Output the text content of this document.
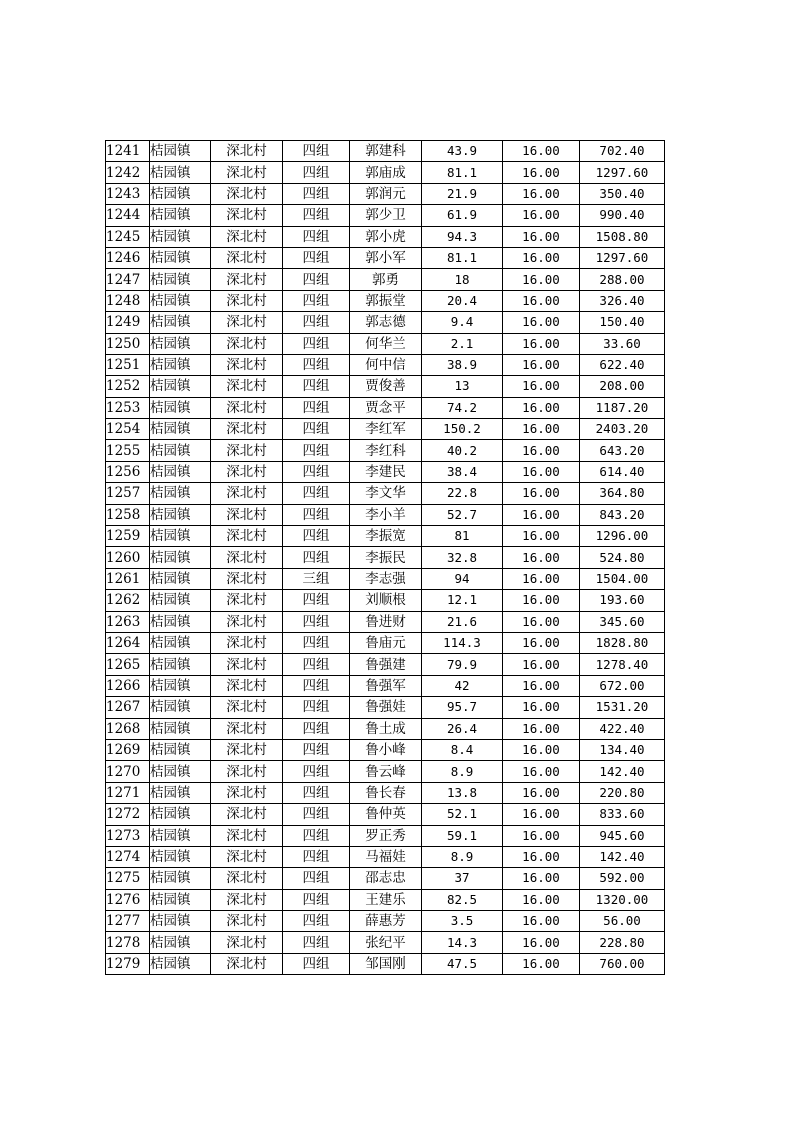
1241	桔园镇	深北村	四组	郭建科	43.9	16.00	702.40
1242	桔园镇	深北村	四组	郭庙成	81.1	16.00	1297.60
1243	桔园镇	深北村	四组	郭润元	21.9	16.00	350.40
1244	桔园镇	深北村	四组	郭少卫	61.9	16.00	990.40
1245	桔园镇	深北村	四组	郭小虎	94.3	16.00	1508.80
1246	桔园镇	深北村	四组	郭小军	81.1	16.00	1297.60
1247	桔园镇	深北村	四组	郭勇	18	16.00	288.00
1248	桔园镇	深北村	四组	郭振堂	20.4	16.00	326.40
1249	桔园镇	深北村	四组	郭志德	9.4	16.00	150.40
1250	桔园镇	深北村	四组	何华兰	2.1	16.00	33.60
1251	桔园镇	深北村	四组	何中信	38.9	16.00	622.40
1252	桔园镇	深北村	四组	贾俊善	13	16.00	208.00
1253	桔园镇	深北村	四组	贾念平	74.2	16.00	1187.20
1254	桔园镇	深北村	四组	李红军	150.2	16.00	2403.20
1255	桔园镇	深北村	四组	李红科	40.2	16.00	643.20
1256	桔园镇	深北村	四组	李建民	38.4	16.00	614.40
1257	桔园镇	深北村	四组	李文华	22.8	16.00	364.80
1258	桔园镇	深北村	四组	李小羊	52.7	16.00	843.20
1259	桔园镇	深北村	四组	李振宽	81	16.00	1296.00
1260	桔园镇	深北村	四组	李振民	32.8	16.00	524.80
1261	桔园镇	深北村	三组	李志强	94	16.00	1504.00
1262	桔园镇	深北村	四组	刘顺根	12.1	16.00	193.60
1263	桔园镇	深北村	四组	鲁进财	21.6	16.00	345.60
1264	桔园镇	深北村	四组	鲁庙元	114.3	16.00	1828.80
1265	桔园镇	深北村	四组	鲁强建	79.9	16.00	1278.40
1266	桔园镇	深北村	四组	鲁强军	42	16.00	672.00
1267	桔园镇	深北村	四组	鲁强娃	95.7	16.00	1531.20
1268	桔园镇	深北村	四组	鲁土成	26.4	16.00	422.40
1269	桔园镇	深北村	四组	鲁小峰	8.4	16.00	134.40
1270	桔园镇	深北村	四组	鲁云峰	8.9	16.00	142.40
1271	桔园镇	深北村	四组	鲁长春	13.8	16.00	220.80
1272	桔园镇	深北村	四组	鲁仲英	52.1	16.00	833.60
1273	桔园镇	深北村	四组	罗正秀	59.1	16.00	945.60
1274	桔园镇	深北村	四组	马福娃	8.9	16.00	142.40
1275	桔园镇	深北村	四组	邵志忠	37	16.00	592.00
1276	桔园镇	深北村	四组	王建乐	82.5	16.00	1320.00
1277	桔园镇	深北村	四组	薛惠芳	3.5	16.00	56.00
1278	桔园镇	深北村	四组	张纪平	14.3	16.00	228.80
1279	桔园镇	深北村	四组	邹国刚	47.5	16.00	760.00
